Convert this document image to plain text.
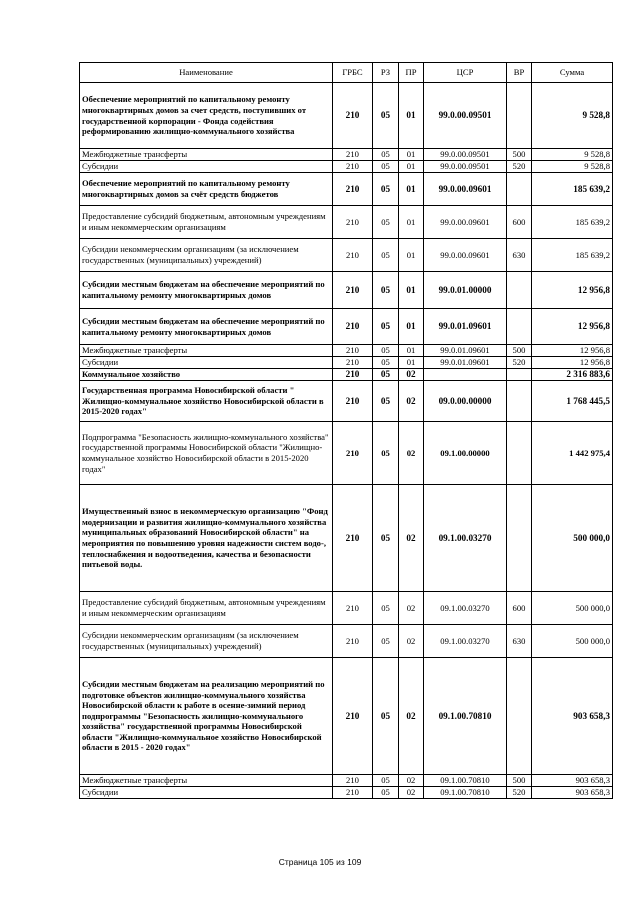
Наименование	ГРБС	РЗ	ПР	ЦСР	ВР	Сумма
Обеспечение мероприятий по капитальному ремонту многоквартирных домов за счет средств, поступивших от государственной корпорации - Фонда содействия реформированию жилищно-коммунального хозяйства	210	05	01	99.0.00.09501		9 528,8
Межбюджетные трансферты	210	05	01	99.0.00.09501	500	9 528,8
Субсидии	210	05	01	99.0.00.09501	520	9 528,8
Обеспечение мероприятий по капитальному ремонту многоквартирных домов за счёт средств бюджетов	210	05	01	99.0.00.09601		185 639,2
Предоставление субсидий бюджетным, автономным учреждениям и иным некоммерческим организациям	210	05	01	99.0.00.09601	600	185 639,2
Субсидии некоммерческим организациям (за исключением государственных (муниципальных) учреждений)	210	05	01	99.0.00.09601	630	185 639,2
Субсидии местным бюджетам на обеспечение мероприятий по капитальному ремонту многоквартирных домов	210	05	01	99.0.01.00000		12 956,8
Субсидии местным бюджетам на обеспечение мероприятий по капитальному ремонту многоквартирных домов	210	05	01	99.0.01.09601		12 956,8
Межбюджетные трансферты	210	05	01	99.0.01.09601	500	12 956,8
Субсидии	210	05	01	99.0.01.09601	520	12 956,8
Коммунальное хозяйство	210	05	02			2 316 883,6
Государственная программа Новосибирской области " Жилищно-коммунальное хозяйство Новосибирской области в 2015-2020 годах"	210	05	02	09.0.00.00000		1 768 445,5
Подпрограмма "Безопасность жилищно-коммунального хозяйства" государственной программы Новосибирской области "Жилищно-коммунальное хозяйство Новосибирской области в 2015-2020 годах"	210	05	02	09.1.00.00000		1 442 975,4
Имущественный взнос в некоммерческую организацию "Фонд модернизации и развития жилищно-коммунального хозяйства муниципальных образований Новосибирской области" на мероприятия по повышению уровня надежности систем водо-, теплоснабжения и водоотведения, качества и безопасности питьевой воды.	210	05	02	09.1.00.03270		500 000,0
Предоставление субсидий бюджетным, автономным учреждениям и иным некоммерческим организациям	210	05	02	09.1.00.03270	600	500 000,0
Субсидии некоммерческим организациям (за исключением государственных (муниципальных) учреждений)	210	05	02	09.1.00.03270	630	500 000,0
Субсидии местным бюджетам на реализацию мероприятий по подготовке объектов жилищно-коммунального хозяйства Новосибирской области к работе в осенне-зимний период подпрограммы "Безопасность жилищно-коммунального хозяйства" государственной программы Новосибирской области "Жилищно-коммунальное хозяйство Новосибирской области в 2015 - 2020 годах"	210	05	02	09.1.00.70810		903 658,3
Межбюджетные трансферты	210	05	02	09.1.00.70810	500	903 658,3
Субсидии	210	05	02	09.1.00.70810	520	903 658,3
Страница 105 из 109
